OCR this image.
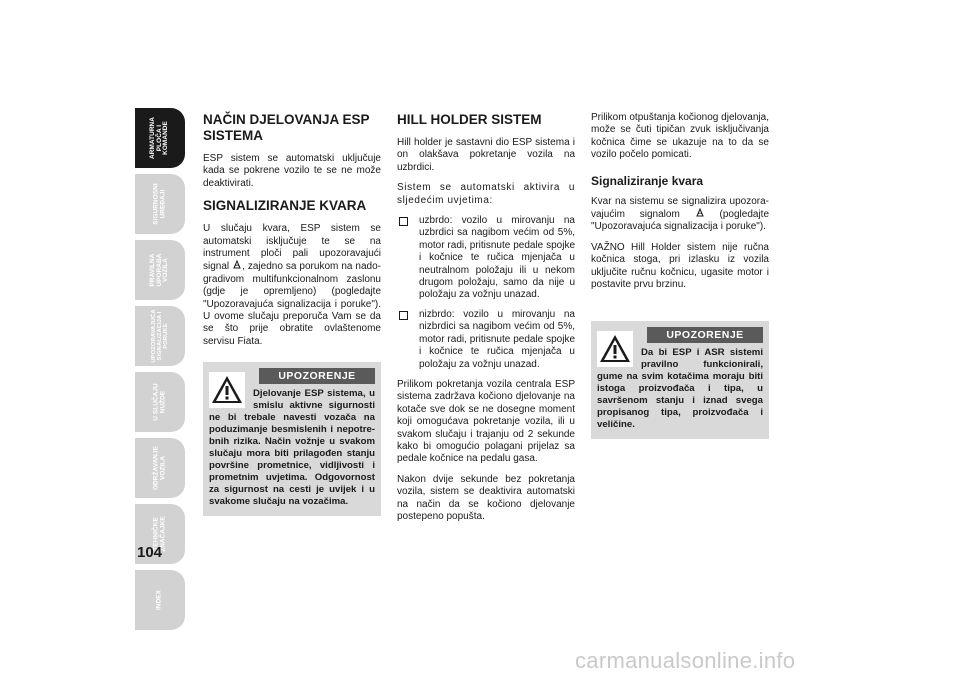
ARMATURNA
PLOČA I
KOMANDE
SIGURNOSNI
UREĐAJI
PRAVILNA
UPORABA
VOZILA
UPOZORAVAJUĆA
SIGNALIZACIJA I
PORUKE
U SLUČAJU
NUŽDE
ODRŽAVANJE
VOZILA
TEHNIČKE
ZNAČAJKE
INDEX
104
NAČIN DJELOVANJA ESP SISTEMA

ESP sistem se automatski uključuje kada se pokrene vozilo te se ne može deaktivirati.

SIGNALIZIRANJE KVARA

U slučaju kvara, ESP sistem se automatski isključuje te se na instrument ploči pali upozoravajući signal , zajedno sa porukom na nado-gradivom multifunkcionalnom zaslonu (gdje je opremljeno) (pogledajte "Upozoravajuća signalizacija i poruke"). U ovome slučaju preporuča Vam se da se što prije obratite ovlaštenome servisu Fiata.

UPOZORENJE
Djelovanje ESP sistema, u smislu aktivne sigurnosti ne bi trebale navesti vozača na poduzimanje besmislenih i nepotre-bnih rizika. Način vožnje u svakom slučaju mora biti prilagođen stanju površine prometnice, vidljivosti i prometnim uvjetima. Odgovornost za sigurnost na cesti je uvijek i u svakome slučaju na vozačima.
HILL HOLDER SISTEM

Hill holder je sastavni dio ESP sistema i on olakšava pokretanje vozila na uzbrdici.

Sistem se automatski aktivira u sljedećim uvjetima:

uzbrdo: vozilo u mirovanju na uzbrdici sa nagibom većim od 5%, motor radi, pritisnute pedale spojke i kočnice te ručica mjenjača u neutralnom položaju ili u nekom drugom položaju, samo da nije u položaju za vožnju unazad.
nizbrdo: vozilo u mirovanju na nizbrdici sa nagibom većim od 5%, motor radi, pritisnute pedale spojke i kočnice te ručica mjenjača u položaju za vožnju unazad.

Prilikom pokretanja vozila centrala ESP sistema zadržava kočiono djelovanje na kotače sve dok se ne dosegne moment koji omogućava pokretanje vozila, ili u svakom slučaju i trajanju od 2 sekunde kako bi omogućio polagani prijelaz sa pedale kočnice na pedalu gasa.

Nakon dvije sekunde bez pokretanja vozila, sistem se deaktivira automatski na način da se kočiono djelovanje postepeno popušta.

Prilikom otpuštanja kočionog djelovanja, može se čuti tipičan zvuk isključivanja kočnica čime se ukazuje na to da se vozilo počelo pomicati.

Signaliziranje kvara

Kvar na sistemu se signalizira upozora-vajućim signalom	(pogledajte "Upozoravajuća signalizacija i poruke").

VAŽNO Hill Holder sistem nije ručna kočnica stoga, pri izlasku iz vozila uključite ručnu kočnicu, ugasite motor i postavite prvu brzinu.

UPOZORENJE
Da bi ESP i ASR sistemi pravilno funkcionirali, gume na svim kotačima moraju biti istoga proizvođača i tipa, u savršenom stanju i iznad svega propisanog tipa, proizvođača i veličine.
carmanualsonline.info
